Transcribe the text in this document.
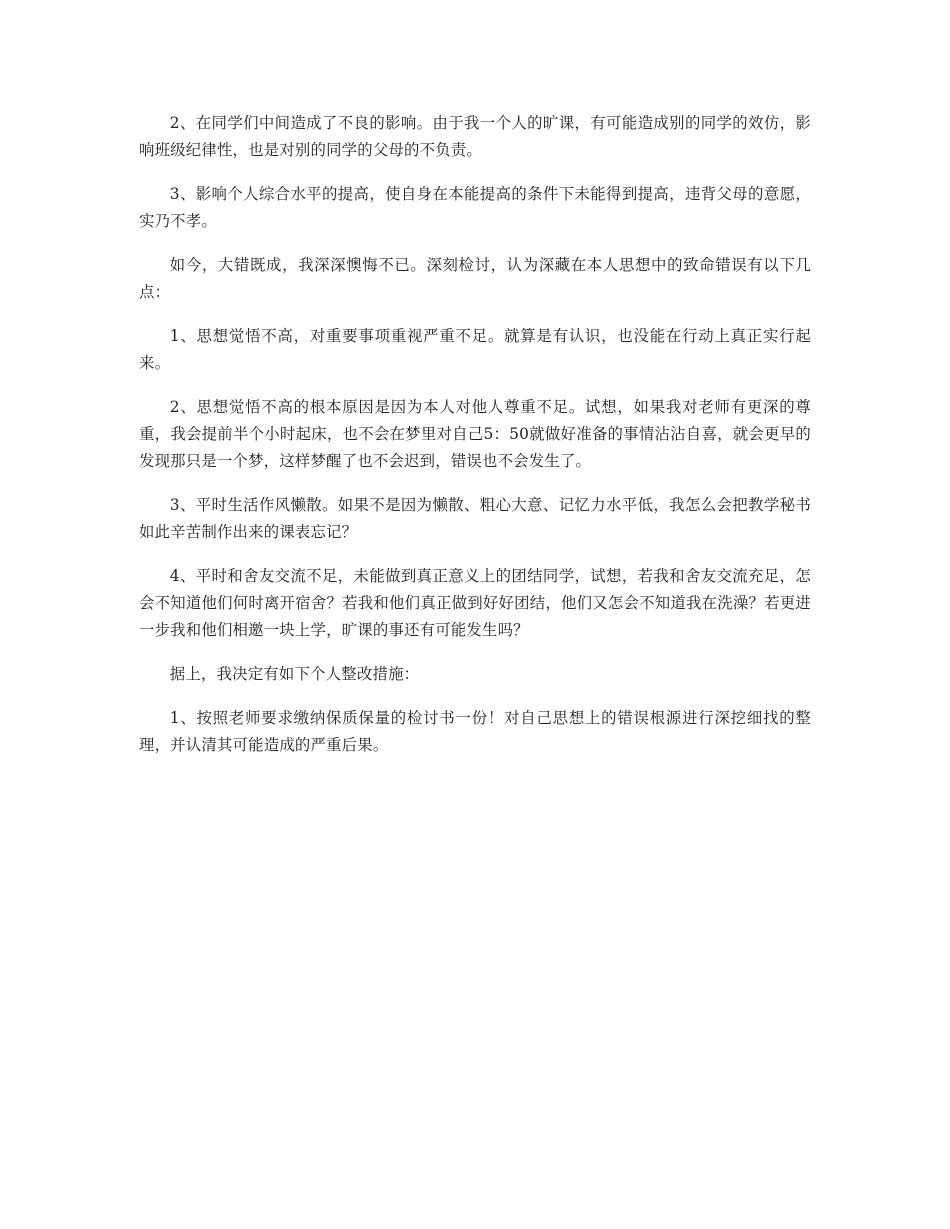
2、在同学们中间造成了不良的影响。由于我一个人的旷课，有可能造成别的同学的效仿，影响班级纪律性，也是对别的同学的父母的不负责。

3、影响个人综合水平的提高，使自身在本能提高的条件下未能得到提高，违背父母的意愿，实乃不孝。

如今，大错既成，我深深懊悔不已。深刻检讨，认为深藏在本人思想中的致命错误有以下几点：

1、思想觉悟不高，对重要事项重视严重不足。就算是有认识，也没能在行动上真正实行起来。

2、思想觉悟不高的根本原因是因为本人对他人尊重不足。试想，如果我对老师有更深的尊重，我会提前半个小时起床，也不会在梦里对自己5：50就做好准备的事情沾沾自喜，就会更早的发现那只是一个梦，这样梦醒了也不会迟到，错误也不会发生了。

3、平时生活作风懒散。如果不是因为懒散、粗心大意、记忆力水平低，我怎么会把教学秘书如此辛苦制作出来的课表忘记？

4、平时和舍友交流不足，未能做到真正意义上的团结同学，试想，若我和舍友交流充足，怎会不知道他们何时离开宿舍？若我和他们真正做到好好团结，他们又怎会不知道我在洗澡？若更进一步我和他们相邀一块上学，旷课的事还有可能发生吗？

据上，我决定有如下个人整改措施：

1、按照老师要求缴纳保质保量的检讨书一份！对自己思想上的错误根源进行深挖细找的整理，并认清其可能造成的严重后果。
